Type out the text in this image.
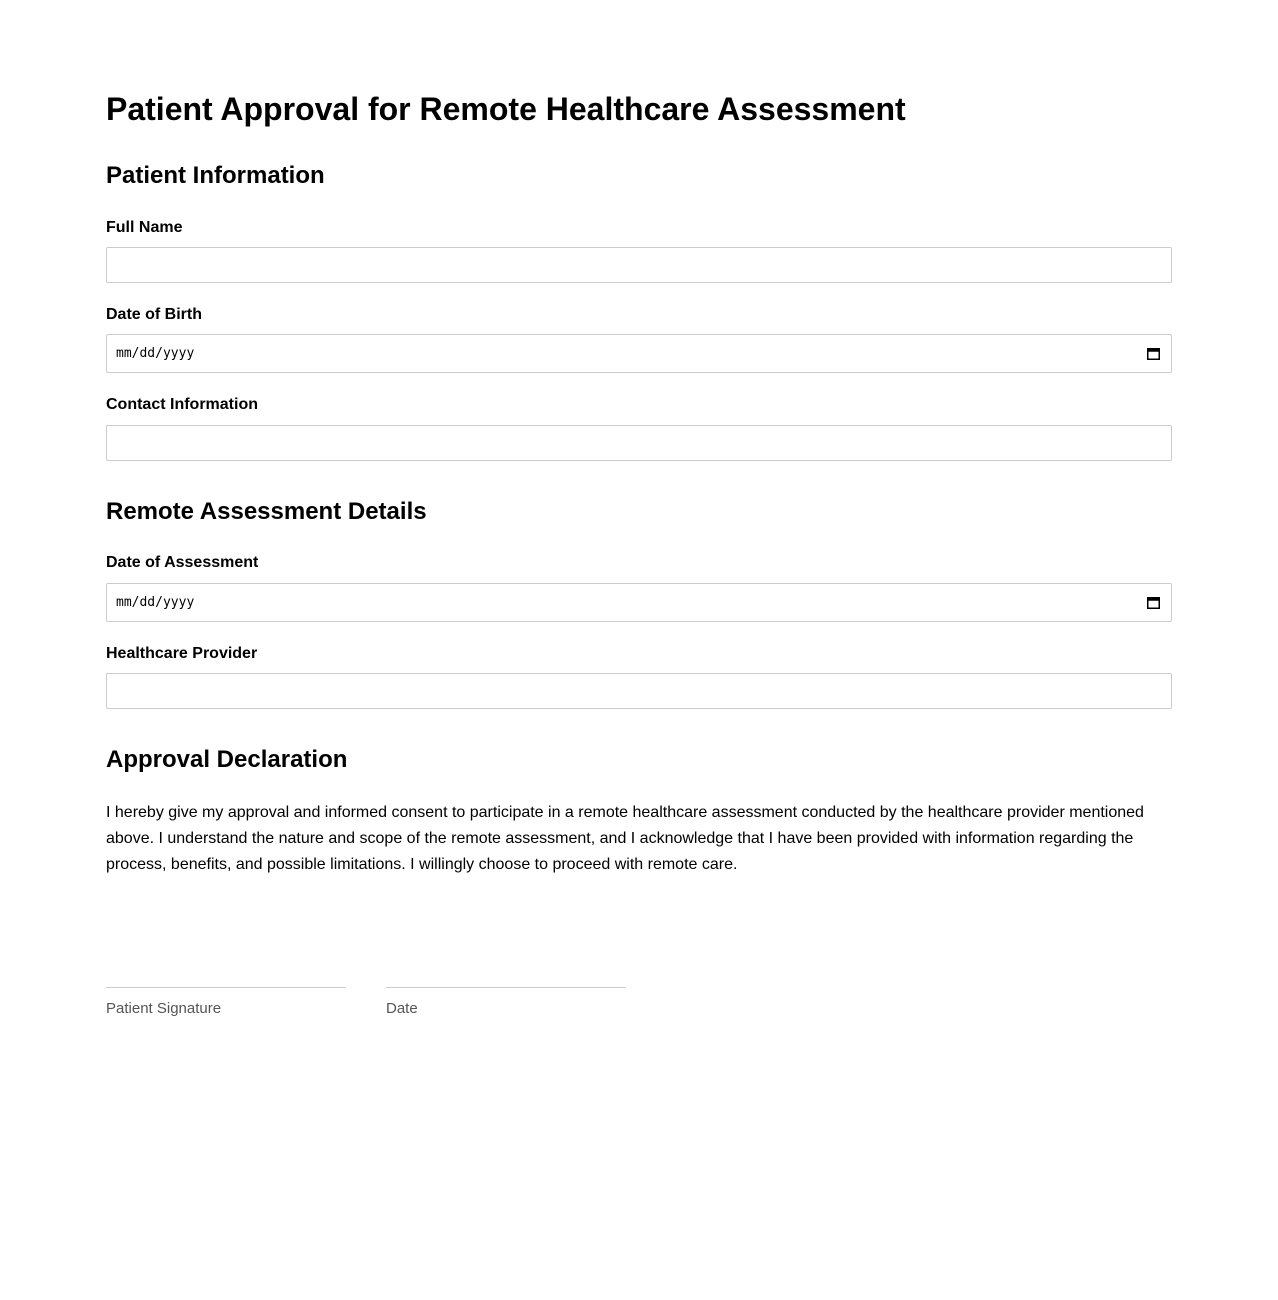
Patient Approval for Remote Healthcare Assessment
Patient Information
Full Name
Date of Birth
mm/dd/yyyy
Contact Information
Remote Assessment Details
Date of Assessment
mm/dd/yyyy
Healthcare Provider
Approval Declaration

I hereby give my approval and informed consent to participate in a remote healthcare assessment conducted by the healthcare provider mentioned above. I understand the nature and scope of the remote assessment, and I acknowledge that I have been provided with information regarding the process, benefits, and possible limitations. I willingly choose to proceed with remote care.

Patient Signature	Date
